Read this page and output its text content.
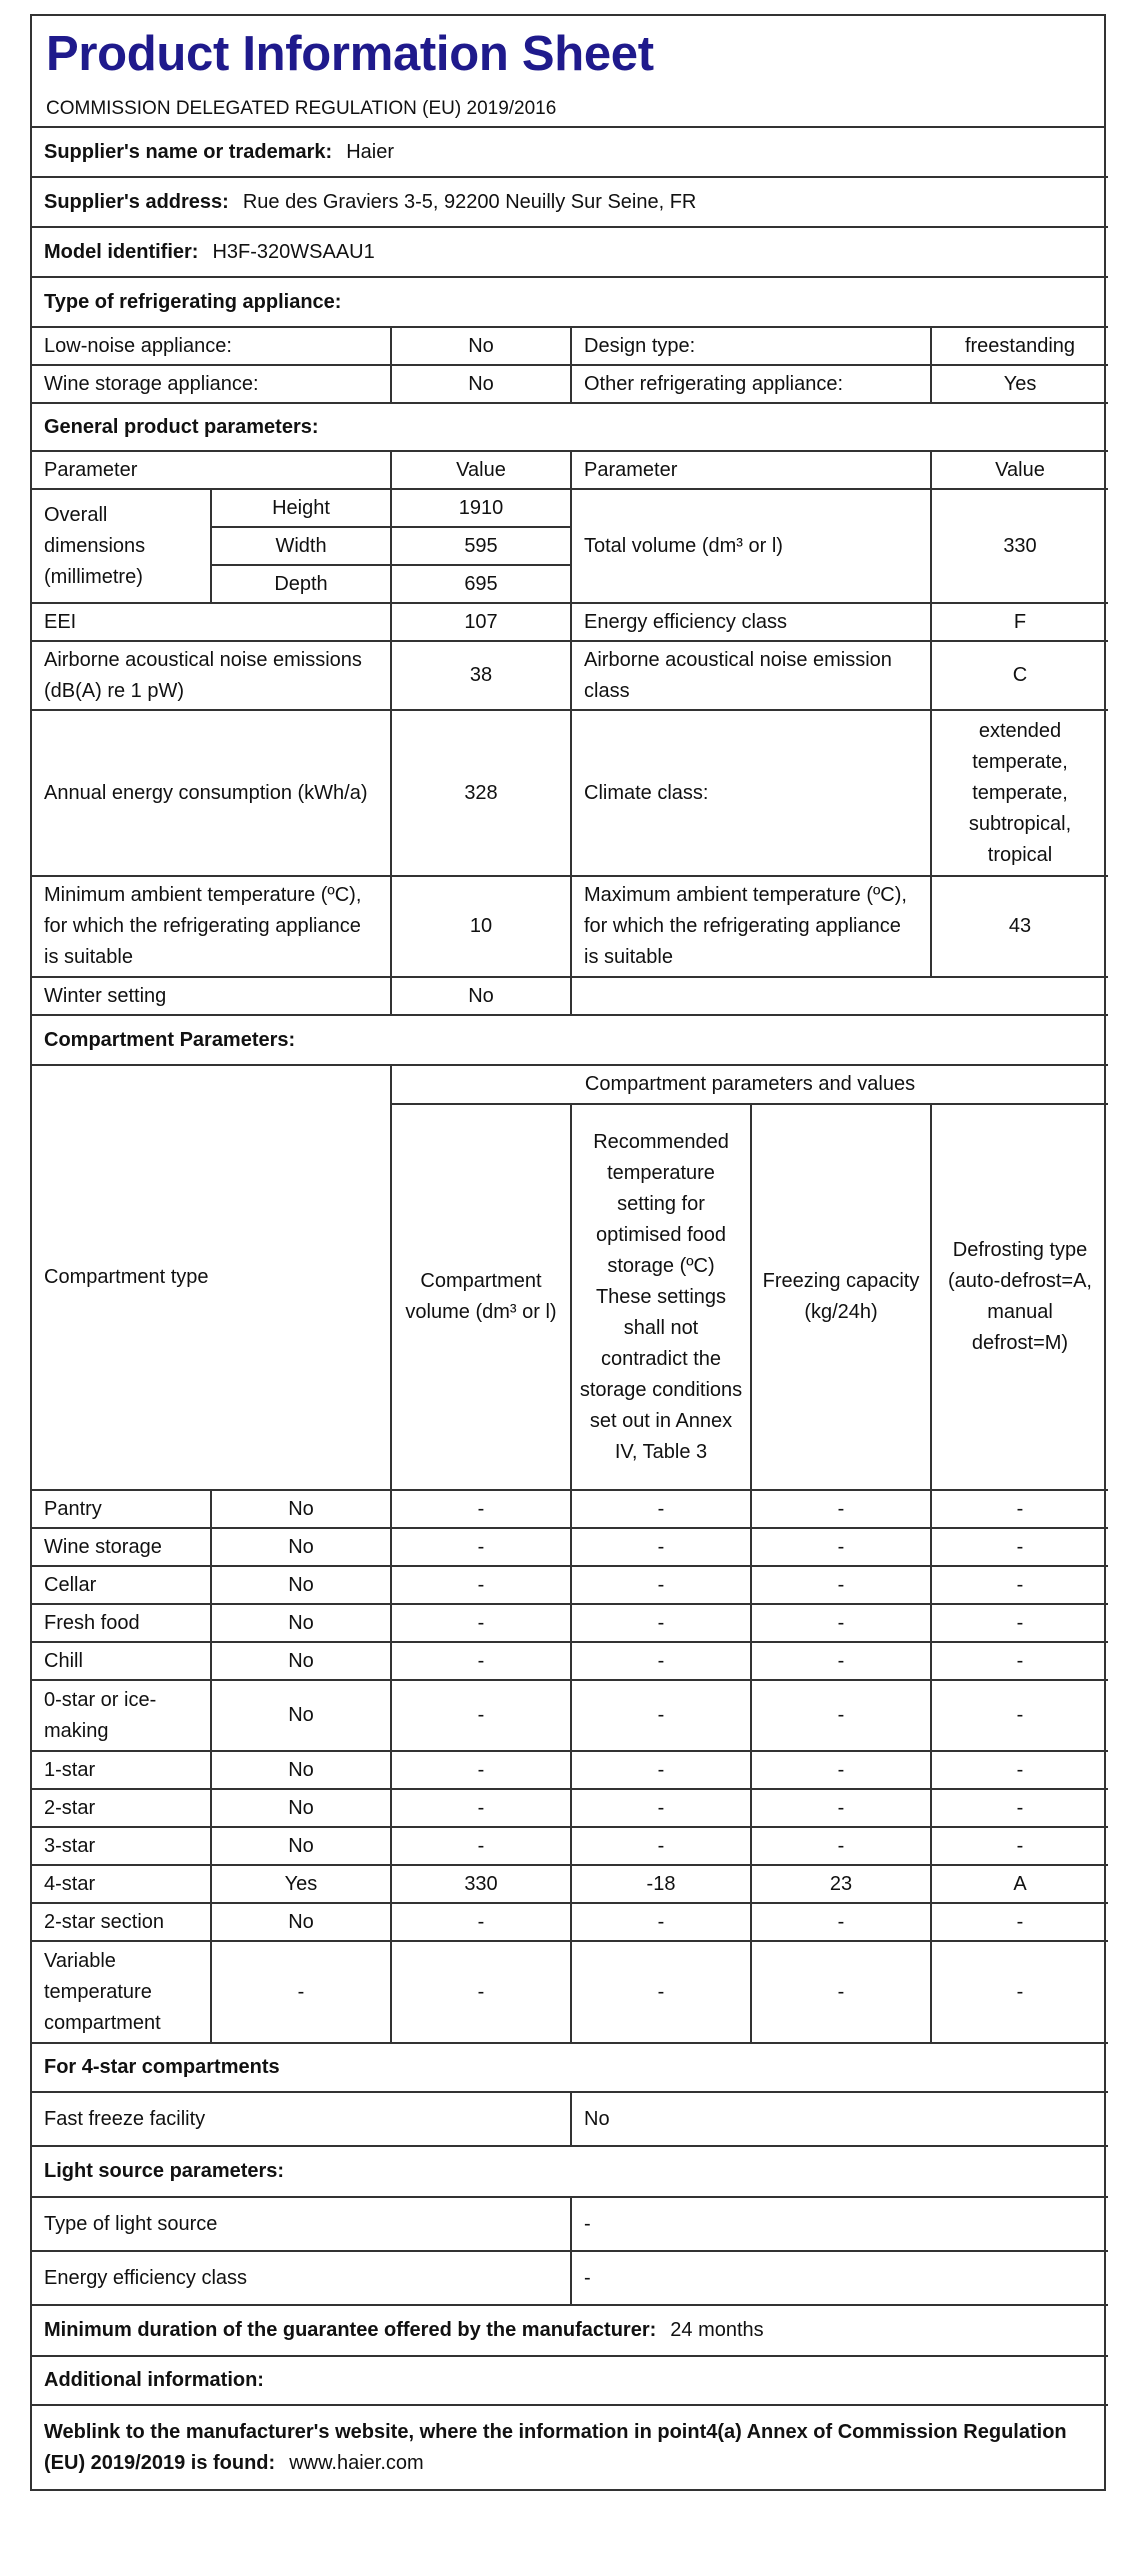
Product Information Sheet
COMMISSION DELEGATED REGULATION (EU) 2019/2016
Supplier's name or trademark: Haier					
Supplier's address: Rue des Graviers 3-5, 92200 Neuilly Sur Seine, FR					
Model identifier: H3F-320WSAAU1					
Type of refrigerating appliance:					
Low-noise appliance:		No	Design type:		freestanding
Wine storage appliance:		No	Other refrigerating appliance:		Yes
General product parameters:					
Parameter		Value	Parameter		Value
Overall dimensions (millimetre)	Height	1910	Total volume (dm³ or l)		330
	Width	595			
	Depth	695			
EEI		107	Energy efficiency class		F
Airborne acoustical noise emissions (dB(A) re 1 pW)		38	Airborne acoustical noise emission class		C
Annual energy consumption (kWh/a)		328	Climate class:		extended temperate, temperate, subtropical, tropical
Minimum ambient temperature (ºC), for which the refrigerating appliance is suitable		10	Maximum ambient temperature (ºC), for which the refrigerating appliance is suitable		43
Winter setting		No			
Compartment Parameters:					
Compartment type		Compartment parameters and values			
		Compartment volume (dm³ or l)	Recommended temperature setting for optimised food storage (ºC) These settings shall not contradict the storage conditions set out in Annex IV, Table 3	Freezing capacity (kg/24h)	Defrosting type (auto-defrost=A, manual defrost=M)
Pantry	No	-	-	-	-
Wine storage	No	-	-	-	-
Cellar	No	-	-	-	-
Fresh food	No	-	-	-	-
Chill	No	-	-	-	-
0-star or ice-making	No	-	-	-	-
1-star	No	-	-	-	-
2-star	No	-	-	-	-
3-star	No	-	-	-	-
4-star	Yes	330	-18	23	A
2-star section	No	-	-	-	-
Variable temperature compartment	-	-	-	-	-
For 4-star compartments					
Fast freeze facility			No		
Light source parameters:					
Type of light source			-		
Energy efficiency class			-		
Minimum duration of the guarantee offered by the manufacturer: 24 months					
Additional information:					
Weblink to the manufacturer's website, where the information in point4(a) Annex of Commission Regulation (EU) 2019/2019 is found: www.haier.com					
